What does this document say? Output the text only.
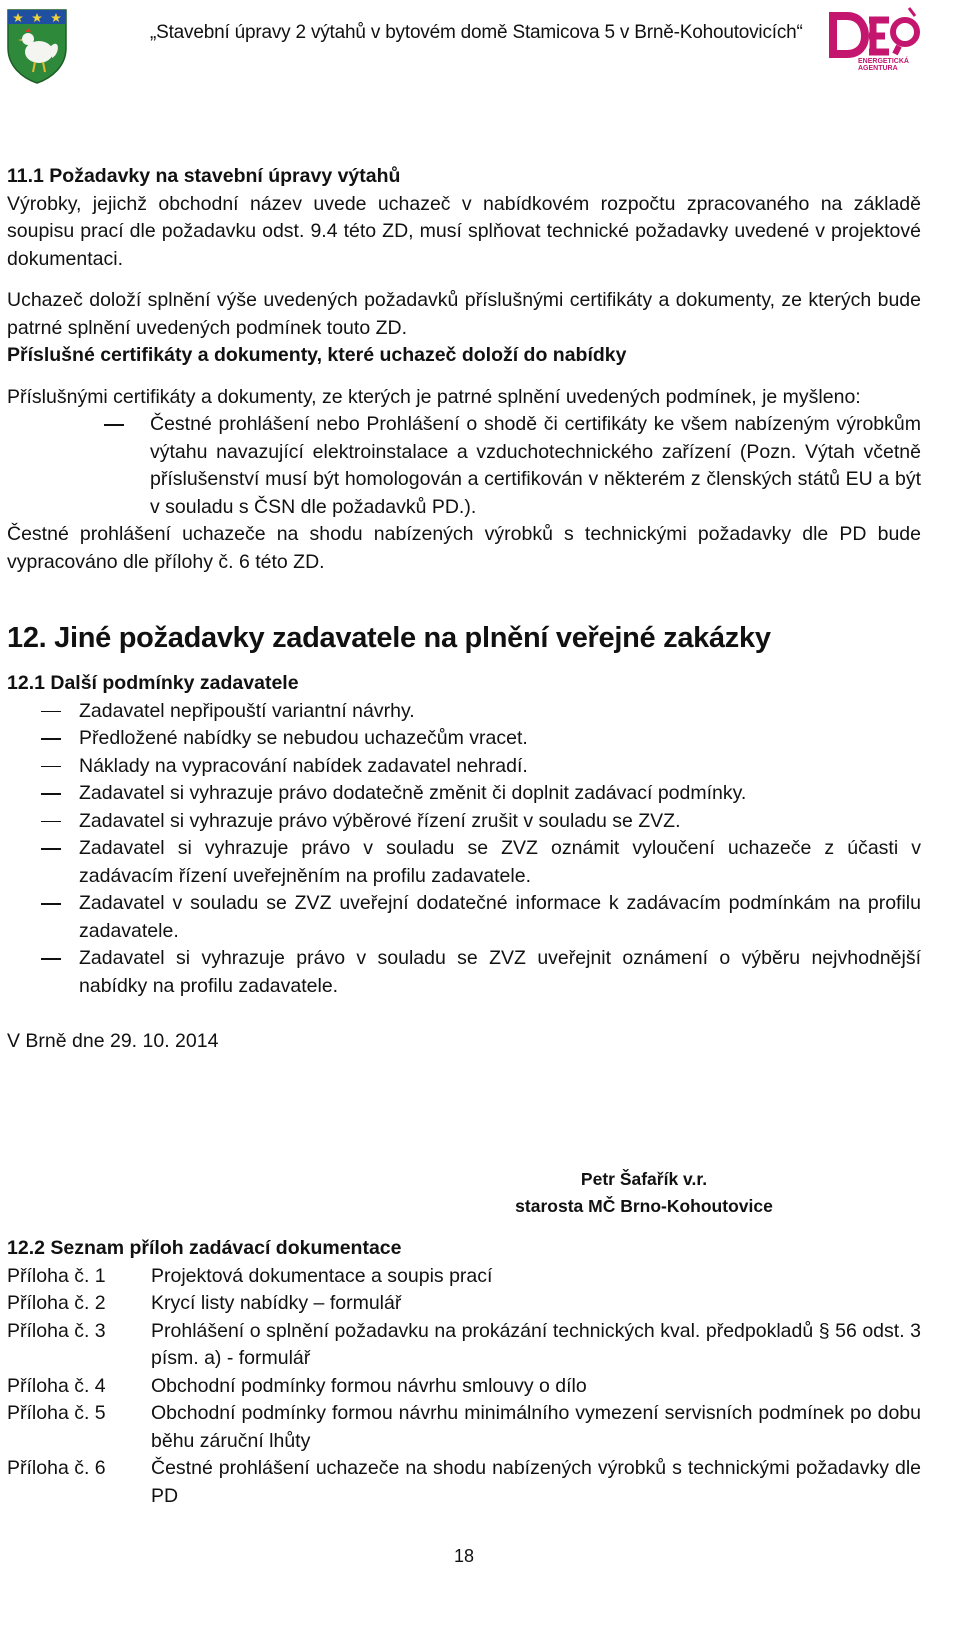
„Stavební úpravy 2 výtahů v bytovém domě Stamicova 5 v Brně-Kohoutovicích“
ENERGETICKÁ
AGENTURA

11.1 Požadavky na stavební úpravy výtahů

Výrobky, jejichž obchodní název uvede uchazeč v nabídkovém rozpočtu zpracovaného na základě soupisu prací dle požadavku odst. 9.4 této ZD, musí splňovat technické požadavky uvedené v projektové dokumentaci.

Uchazeč doloží splnění výše uvedených požadavků příslušnými certifikáty a dokumenty, ze kterých bude patrné splnění uvedených podmínek touto ZD.

Příslušné certifikáty a dokumenty, které uchazeč doloží do nabídky

Příslušnými certifikáty a dokumenty, ze kterých je patrné splnění uvedených podmínek, je myšleno:

Čestné prohlášení nebo Prohlášení o shodě či certifikáty ke všem nabízeným výrobkům výtahu navazující elektroinstalace a vzduchotechnického zařízení (Pozn. Výtah včetně příslušenství musí být homologován a certifikován v některém z členských států EU a být v souladu s ČSN dle požadavků PD.).

Čestné prohlášení uchazeče na shodu nabízených výrobků s technickými požadavky dle PD bude vypracováno dle přílohy č. 6 této ZD.

12. Jiné požadavky zadavatele na plnění veřejné zakázky

12.1 Další podmínky zadavatele

Zadavatel nepřipouští variantní návrhy.
Předložené nabídky se nebudou uchazečům vracet.
Náklady na vypracování nabídek zadavatel nehradí.
Zadavatel si vyhrazuje právo dodatečně změnit či doplnit zadávací podmínky.
Zadavatel si vyhrazuje právo výběrové řízení zrušit v souladu se ZVZ.
Zadavatel si vyhrazuje právo v souladu se ZVZ oznámit vyloučení uchazeče z účasti v zadávacím řízení uveřejněním na profilu zadavatele.
Zadavatel v souladu se ZVZ uveřejní dodatečné informace k zadávacím podmínkám na profilu zadavatele.
Zadavatel si vyhrazuje právo v souladu se ZVZ uveřejnit oznámení o výběru nejvhodnější nabídky na profilu zadavatele.

V Brně dne 29. 10. 2014

Petr Šafařík v.r.
starosta MČ Brno-Kohoutovice

12.2 Seznam příloh zadávací dokumentace

Příloha č. 1	Projektová dokumentace a soupis prací
Příloha č. 2	Krycí listy nabídky – formulář
Příloha č. 3	Prohlášení o splnění požadavku na prokázání technických kval. předpokladů § 56 odst. 3 písm. a) - formulář
Příloha č. 4	Obchodní podmínky formou návrhu smlouvy o dílo
Příloha č. 5	Obchodní podmínky formou návrhu minimálního vymezení servisních podmínek po dobu běhu záruční lhůty
Příloha č. 6	Čestné prohlášení uchazeče na shodu nabízených výrobků s technickými požadavky dle PD
18
